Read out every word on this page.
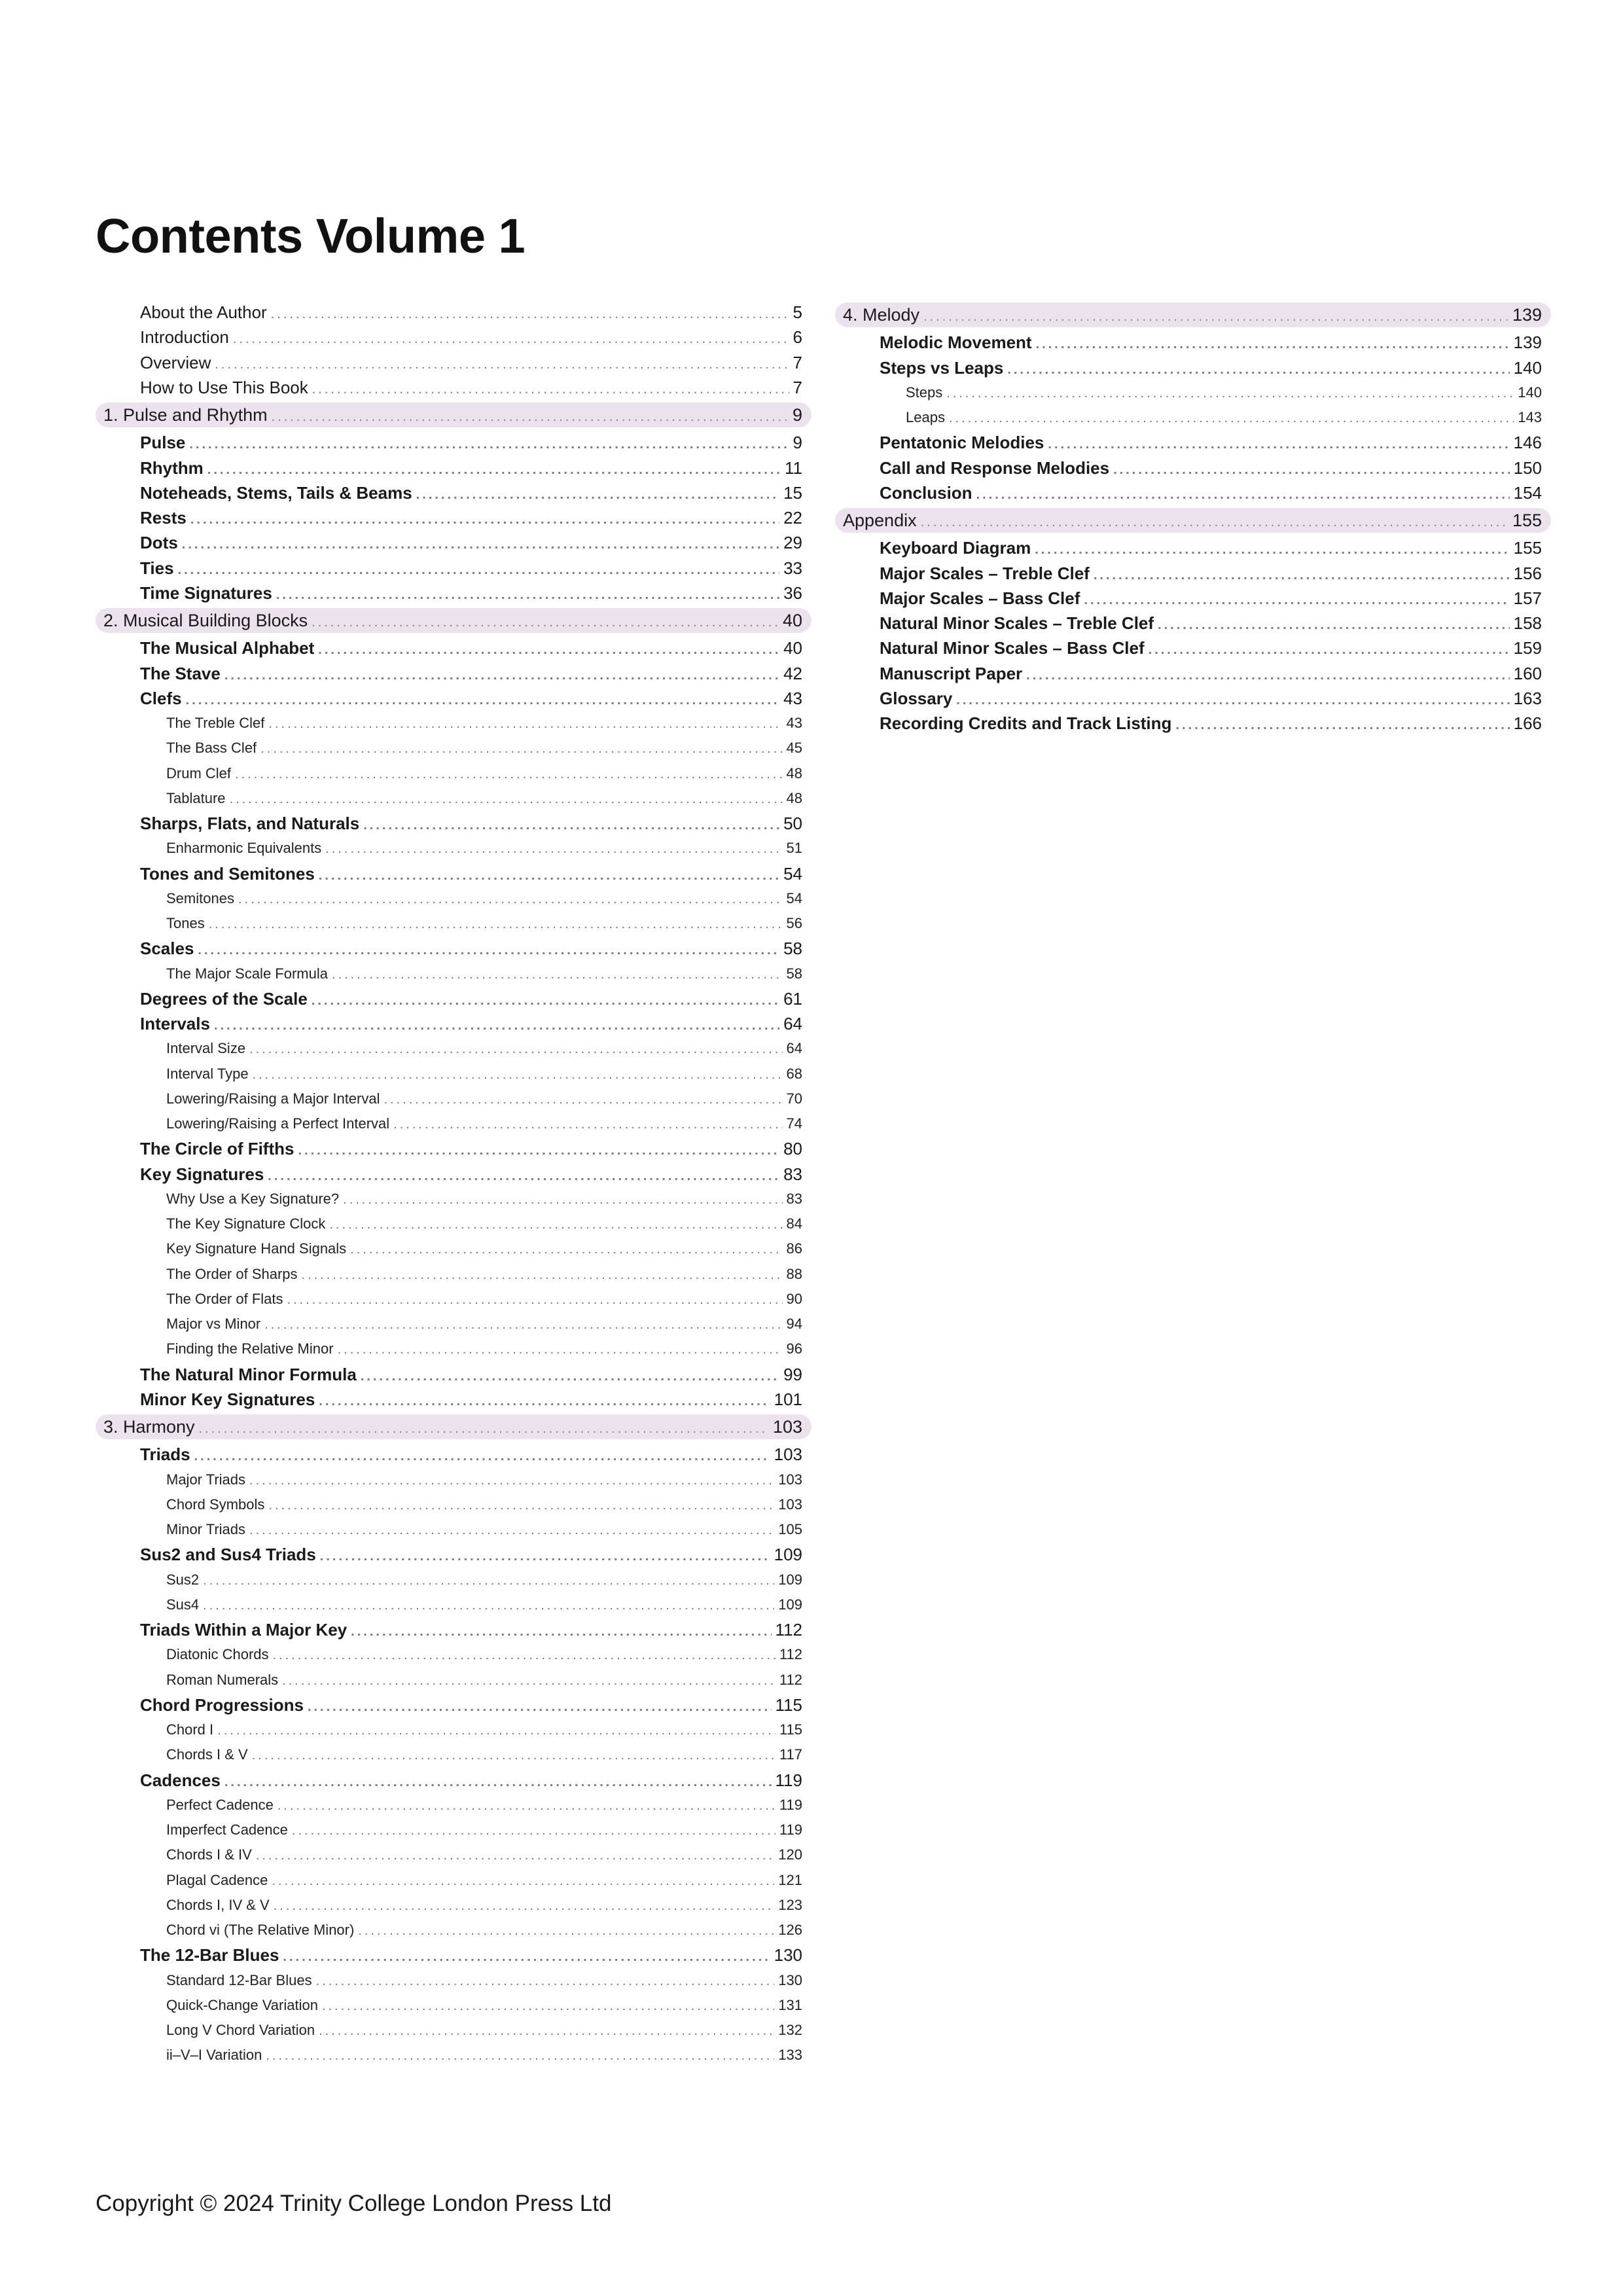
Contents Volume 1
About the Author .....	5
Introduction .....	6
Overview .....	7
How to Use This Book .....	7
1. Pulse and Rhythm .....	9
Pulse .....	9
Rhythm .....	11
Noteheads, Stems, Tails & Beams .....	15
Rests .....	22
Dots .....	29
Ties .....	33
Time Signatures .....	36
2. Musical Building Blocks .....	40
The Musical Alphabet .....	40
The Stave .....	42
Clefs .....	43
The Treble Clef .....	43
The Bass Clef .....	45
Drum Clef .....	48
Tablature .....	48
Sharps, Flats, and Naturals .....	50
Enharmonic Equivalents .....	51
Tones and Semitones .....	54
Semitones .....	54
Tones .....	56
Scales .....	58
The Major Scale Formula .....	58
Degrees of the Scale .....	61
Intervals .....	64
Interval Size .....	64
Interval Type .....	68
Lowering/Raising a Major Interval .....	70
Lowering/Raising a Perfect Interval .....	74
The Circle of Fifths .....	80
Key Signatures .....	83
Why Use a Key Signature? .....	83
The Key Signature Clock .....	84
Key Signature Hand Signals .....	86
The Order of Sharps .....	88
The Order of Flats .....	90
Major vs Minor .....	94
Finding the Relative Minor .....	96
The Natural Minor Formula .....	99
Minor Key Signatures .....	101
3. Harmony .....	103
Triads .....	103
Major Triads .....	103
Chord Symbols .....	103
Minor Triads .....	105
Sus2 and Sus4 Triads .....	109
Sus2 .....	109
Sus4 .....	109
Triads Within a Major Key .....	112
Diatonic Chords .....	112
Roman Numerals .....	112
Chord Progressions .....	115
Chord I .....	115
Chords I & V .....	117
Cadences .....	119
Perfect Cadence .....	119
Imperfect Cadence .....	119
Chords I & IV .....	120
Plagal Cadence .....	121
Chords I, IV & V .....	123
Chord vi (The Relative Minor) .....	126
The 12-Bar Blues .....	130
Standard 12-Bar Blues .....	130
Quick-Change Variation .....	131
Long V Chord Variation .....	132
ii–V–I Variation .....	133
4. Melody .....	139
Melodic Movement .....	139
Steps vs Leaps .....	140
Steps .....	140
Leaps .....	143
Pentatonic Melodies .....	146
Call and Response Melodies .....	150
Conclusion .....	154
Appendix .....	155
Keyboard Diagram .....	155
Major Scales – Treble Clef .....	156
Major Scales – Bass Clef .....	157
Natural Minor Scales – Treble Clef .....	158
Natural Minor Scales – Bass Clef .....	159
Manuscript Paper .....	160
Glossary .....	163
Recording Credits and Track Listing .....	166

Copyright © 2024 Trinity College London Press Ltd
